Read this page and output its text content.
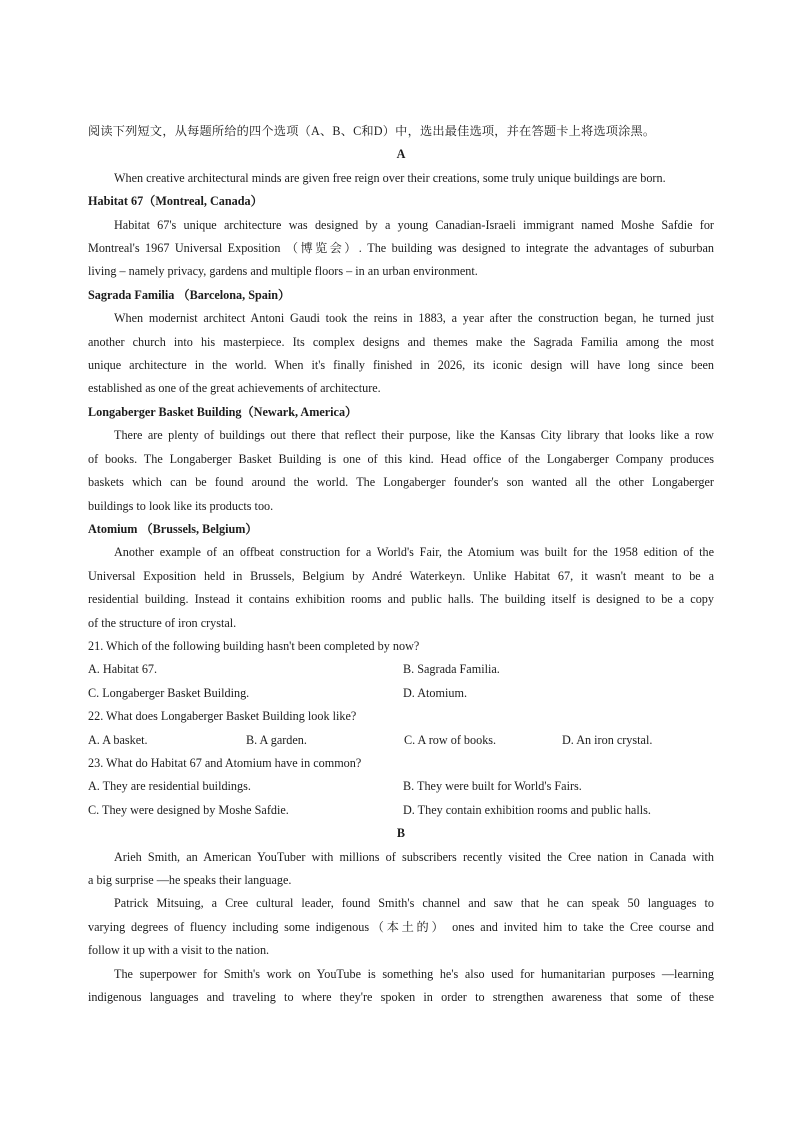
阅读下列短文，从每题所给的四个选项（A、B、C和D）中，选出最佳选项，并在答题卡上将选项涂黑。
A
When creative architectural minds are given free reign over their creations, some truly unique buildings are born.
Habitat 67（Montreal, Canada）
Habitat 67's unique architecture was designed by a young Canadian-Israeli immigrant named Moshe Safdie for
Montreal's 1967 Universal Exposition （博览会）. The building was designed to integrate the advantages of suburban
living – namely privacy, gardens and multiple floors – in an urban environment.
Sagrada Familia （Barcelona, Spain）
When modernist architect Antoni Gaudi took the reins in 1883, a year after the construction began, he turned just
another church into his masterpiece. Its complex designs and themes make the Sagrada Familia among the most
unique architecture in the world. When it's finally finished in 2026, its iconic design will have long since been
established as one of the great achievements of architecture.
Longaberger Basket Building（Newark, America）
There are plenty of buildings out there that reflect their purpose, like the Kansas City library that looks like a row
of books. The Longaberger Basket Building is one of this kind. Head office of the Longaberger Company produces
baskets which can be found around the world. The Longaberger founder's son wanted all the other Longaberger
buildings to look like its products too.
Atomium （Brussels, Belgium）
Another example of an offbeat construction for a World's Fair, the Atomium was built for the 1958 edition of the
Universal Exposition held in Brussels, Belgium by André Waterkeyn. Unlike Habitat 67, it wasn't meant to be a
residential building. Instead it contains exhibition rooms and public halls. The building itself is designed to be a copy
of the structure of iron crystal.
21. Which of the following building hasn't been completed by now?
A. Habitat 67.	B. Sagrada Familia.
C. Longaberger Basket Building.	D. Atomium.
22. What does Longaberger Basket Building look like?
A. A basket.	B. A garden.	C. A row of books.	D. An iron crystal.
23. What do Habitat 67 and Atomium have in common?
A. They are residential buildings.	B. They were built for World's Fairs.
C. They were designed by Moshe Safdie.	D. They contain exhibition rooms and public halls.
B
Arieh Smith, an American YouTuber with millions of subscribers recently visited the Cree nation in Canada with
a big surprise —he speaks their language.
Patrick Mitsuing, a Cree cultural leader, found Smith's channel and saw that he can speak 50 languages to
varying degrees of fluency including some indigenous（本土的） ones and invited him to take the Cree course and
follow it up with a visit to the nation.
The superpower for Smith's work on YouTube is something he's also used for humanitarian purposes —learning
indigenous languages and traveling to where they're spoken in order to strengthen awareness that some of these
